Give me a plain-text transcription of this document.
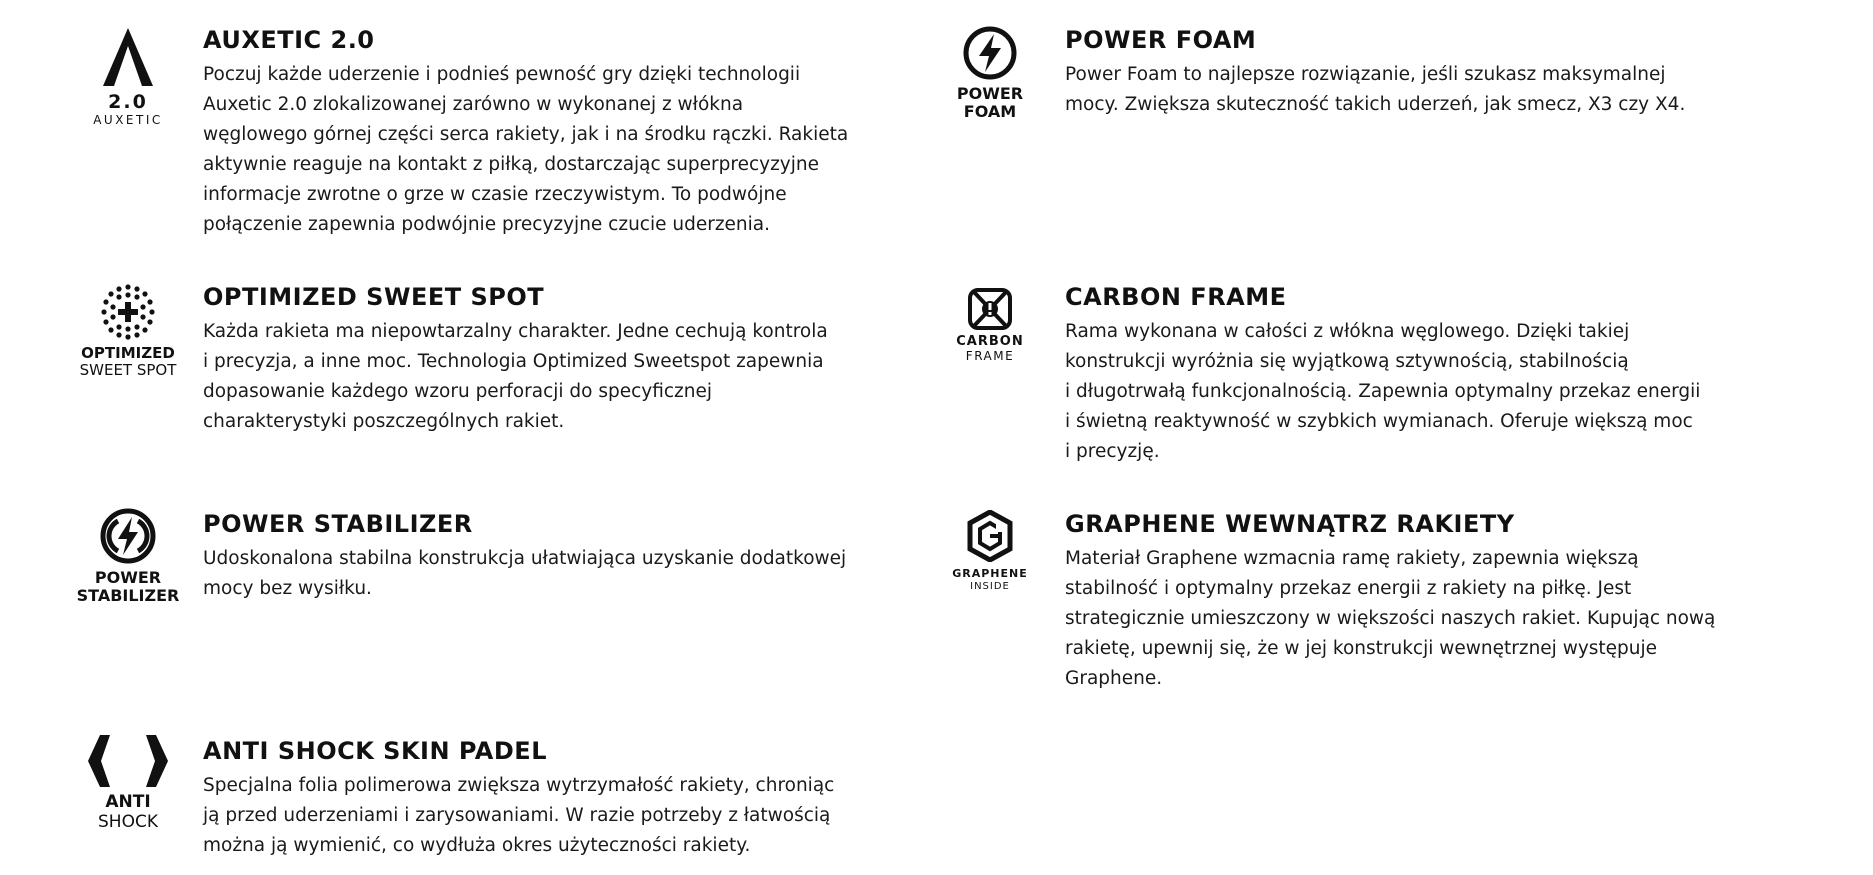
2.0
AUXETIC
AUXETIC 2.0

Poczuj każde uderzenie i podnieś pewność gry dzięki technologii
Auxetic 2.0 zlokalizowanej zarówno w wykonanej z włókna
węglowego górnej części serca rakiety, jak i na środku rączki. Rakieta
aktywnie reaguje na kontakt z piłką, dostarczając superprecyzyjne
informacje zwrotne o grze w czasie rzeczywistym. To podwójne
połączenie zapewnia podwójnie precyzyjne czucie uderzenia.

POWER
FOAM
POWER FOAM

Power Foam to najlepsze rozwiązanie, jeśli szukasz maksymalnej
mocy. Zwiększa skuteczność takich uderzeń, jak smecz, X3 czy X4.

OPTIMIZED
SWEET SPOT
OPTIMIZED SWEET SPOT

Każda rakieta ma niepowtarzalny charakter. Jedne cechują kontrola
i precyzja, a inne moc. Technologia Optimized Sweetspot zapewnia
dopasowanie każdego wzoru perforacji do specyficznej
charakterystyki poszczególnych rakiet.

CARBON
FRAME
CARBON FRAME

Rama wykonana w całości z włókna węglowego. Dzięki takiej
konstrukcji wyróżnia się wyjątkową sztywnością, stabilnością
i długotrwałą funkcjonalnością. Zapewnia optymalny przekaz energii
i świetną reaktywność w szybkich wymianach. Oferuje większą moc
i precyzję.

POWER
STABILIZER
POWER STABILIZER

Udoskonalona stabilna konstrukcja ułatwiająca uzyskanie dodatkowej
mocy bez wysiłku.

GRAPHENE
INSIDE
GRAPHENE WEWNĄTRZ RAKIETY

Materiał Graphene wzmacnia ramę rakiety, zapewnia większą
stabilność i optymalny przekaz energii z rakiety na piłkę. Jest
strategicznie umieszczony w większości naszych rakiet. Kupując nową
rakietę, upewnij się, że w jej konstrukcji wewnętrznej występuje
Graphene.

ANTI
SHOCK
ANTI SHOCK SKIN PADEL

Specjalna folia polimerowa zwiększa wytrzymałość rakiety, chroniąc
ją przed uderzeniami i zarysowaniami. W razie potrzeby z łatwością
można ją wymienić, co wydłuża okres użyteczności rakiety.
